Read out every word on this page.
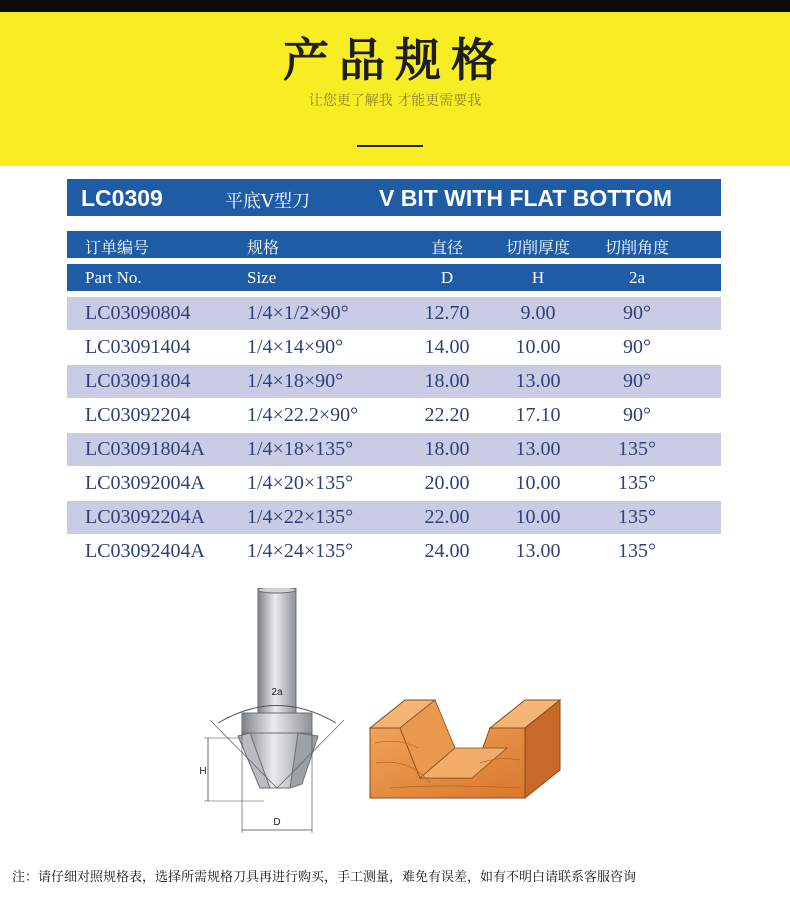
产品规格
让您更了解我 才能更需要我
LC0309	平底V型刀	V BIT WITH FLAT BOTTOM
订单编号	规格	直径	切削厚度	切削角度
Part No.	Size	D	H	2a
LC03090804	1/4×1/2×90°	12.70	9.00	90°
LC03091404	1/4×14×90°	14.00	10.00	90°
LC03091804	1/4×18×90°	18.00	13.00	90°
LC03092204	1/4×22.2×90°	22.20	17.10	90°
LC03091804A 1/4×18×135°	18.00	13.00	135°
LC03092004A 1/4×20×135°	20.00	10.00	135°
LC03092204A 1/4×22×135°	22.00	10.00	135°
LC03092404A 1/4×24×135°	24.00	13.00	135°
2a
H
D
注：请仔细对照规格表，选择所需规格刀具再进行购买，手工测量，难免有误差，如有不明白请联系客服咨询
